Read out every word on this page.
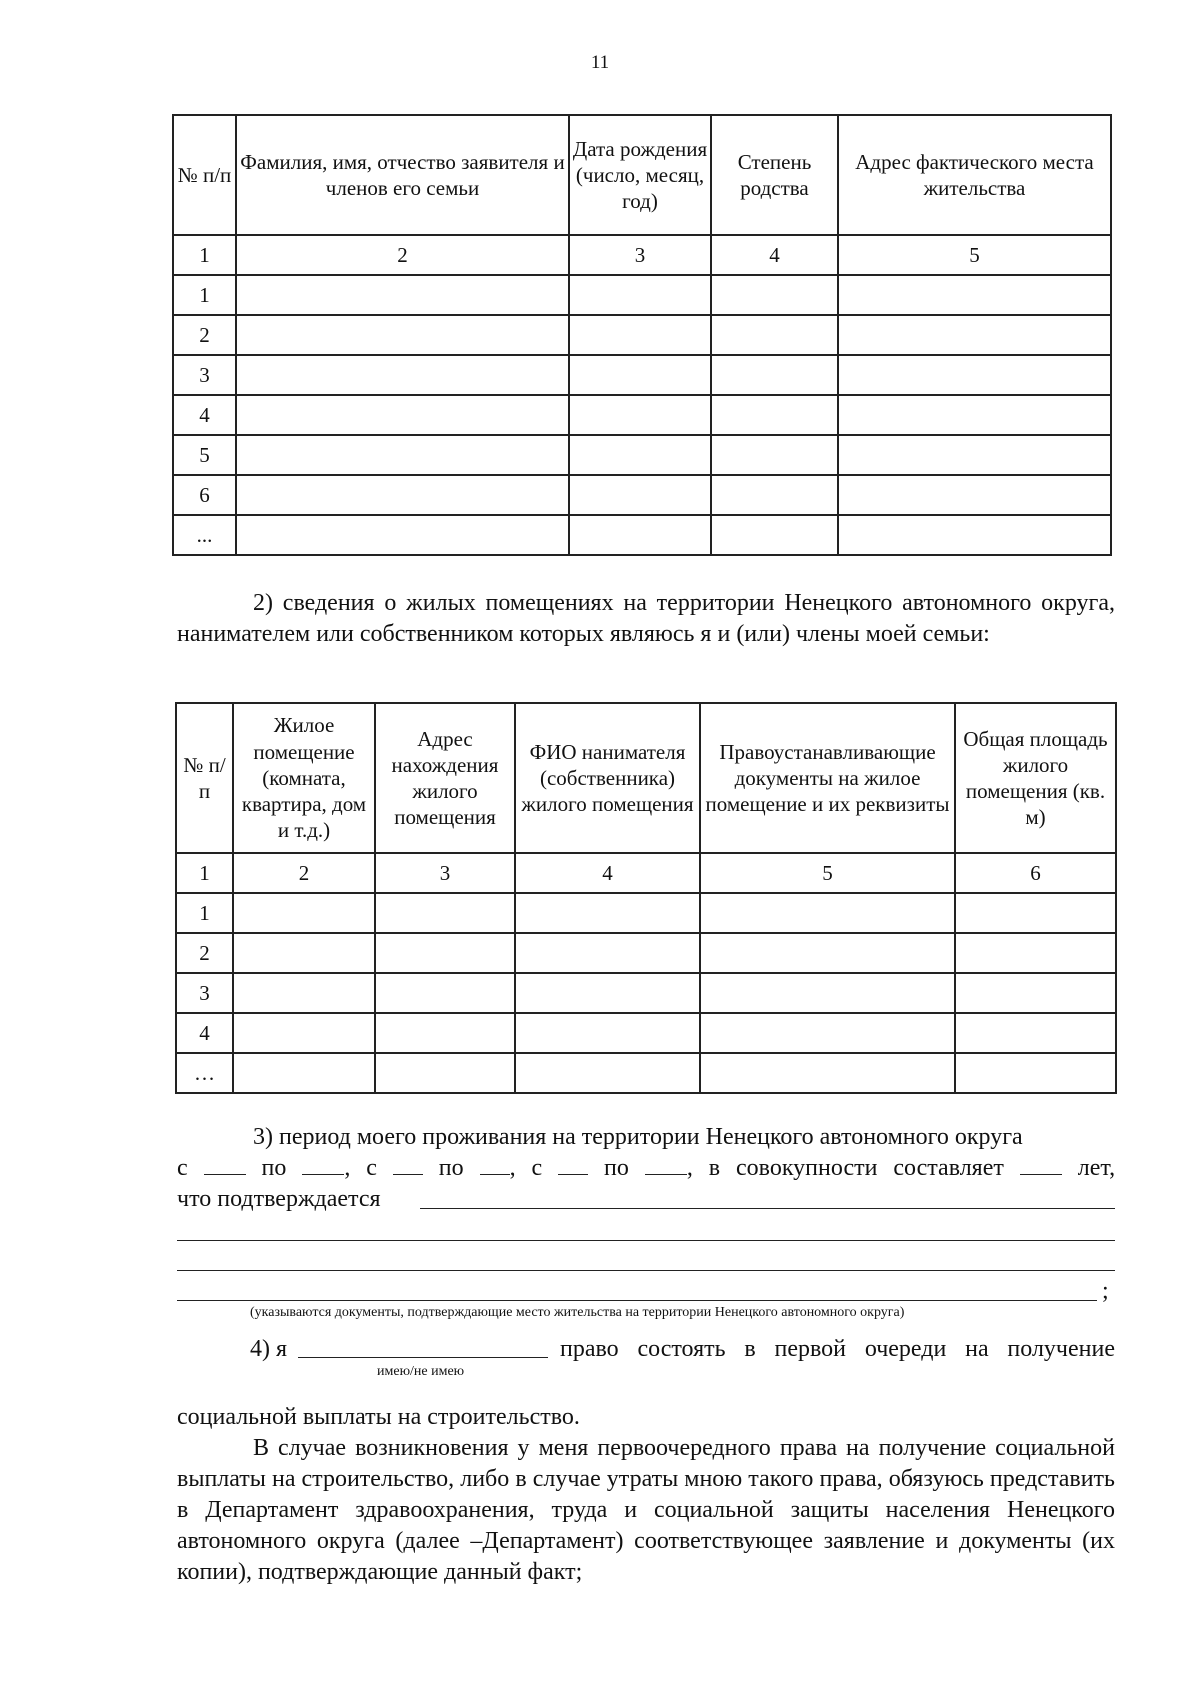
11
№ п/п	Фамилия, имя, отчество заявителя и членов его семьи	Дата рождения (число, месяц, год)	Степень родства	Адрес фактического места жительства
1	2	3	4	5
1				
2				
3				
4				
5				
6				
...				
2) сведения о жилых помещениях на территории Ненецкого автономного округа, нанимателем или собственником которых являюсь я и (или) члены моей семьи:
№ п/п	Жилое помещение (комната, квартира, дом и т.д.)	Адрес нахождения жилого помещения	ФИО нанимателя (собственника) жилого помещения	Правоустанавливающие документы на жилое помещение и их реквизиты	Общая площадь жилого помещения (кв. м)
1	2	3	4	5	6
1					
2					
3					
4					
…					
3) период моего проживания на территории Ненецкого автономного округа
с	по , с	по , с	по , в совокупности составляет	лет,
что подтверждается
;
(указываются документы, подтверждающие место жительства на территории Ненецкого автономного округа)
4) я	право состоять в первой очереди на получение
имею/не имею
социальной выплаты на строительство.
В случае возникновения у меня первоочередного права на получение социальной выплаты на строительство, либо в случае утраты мною такого права, обязуюсь представить в Департамент здравоохранения, труда и социальной защиты населения Ненецкого автономного округа (далее –Департамент) соответствующее заявление и документы (их копии), подтверждающие данный факт;
